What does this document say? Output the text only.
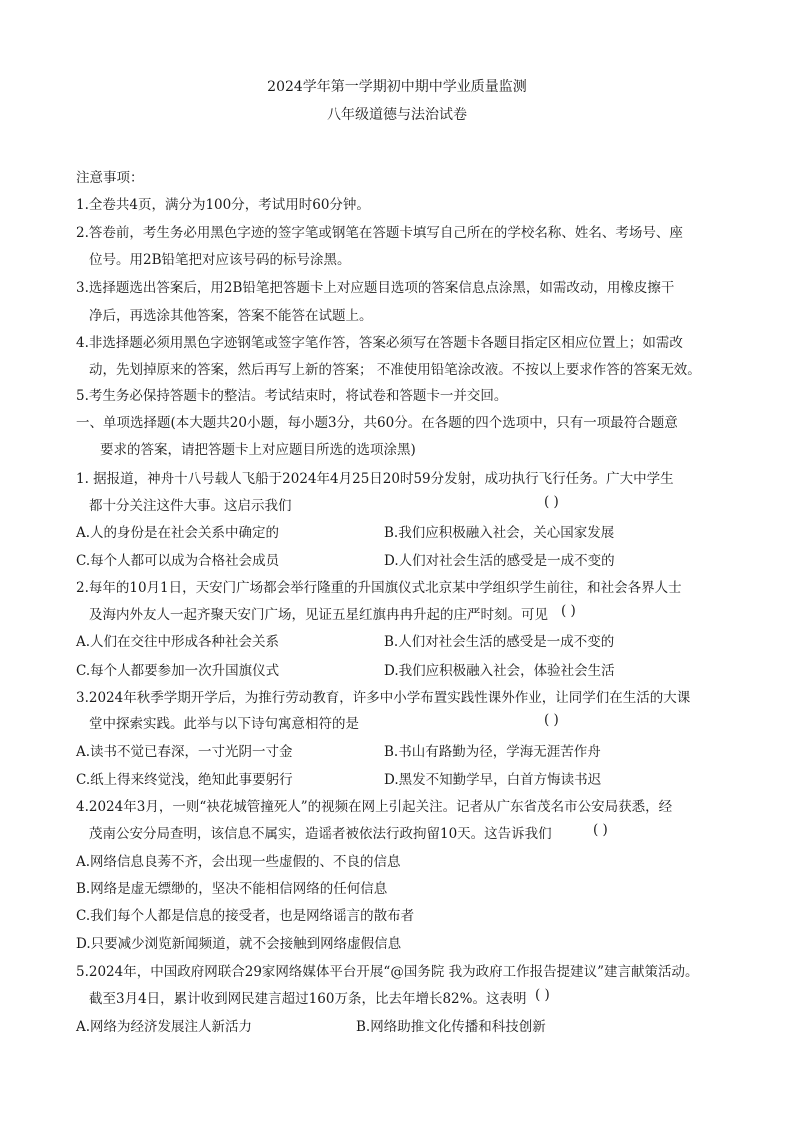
2024学年第一学期初中期中学业质量监测
八年级道德与法治试卷
注意事项：
1.全卷共4页，满分为100分，考试用时60分钟。
2.答卷前，考生务必用黑色字迹的签字笔或钢笔在答题卡填写自己所在的学校名称、姓名、考场号、座
位号。用2B铅笔把对应该号码的标号涂黑。
3.选择题选出答案后，用2B铅笔把答题卡上对应题目选项的答案信息点涂黑，如需改动，用橡皮擦干
净后，再选涂其他答案，答案不能答在试题上。
4.非选择题必须用黑色字迹钢笔或签字笔作答，答案必须写在答题卡各题目指定区相应位置上；如需改
动，先划掉原来的答案，然后再写上新的答案； 不准使用铅笔涂改液。不按以上要求作答的答案无效。
5.考生务必保持答题卡的整洁。考试结束时，将试卷和答题卡一并交回。
一、单项选择题(本大题共20小题，每小题3分，共60分。在各题的四个选项中，只有一项最符合题意
要求的答案，请把答题卡上对应题目所选的选项涂黑)
1. 据报道，神舟十八号载人飞船于2024年4月25日20时59分发射，成功执行飞行任务。广大中学生
都十分关注这件大事。这启示我们	( )
A.人的身份是在社会关系中确定的	B.我们应积极融入社会，关心国家发展
C.每个人都可以成为合格社会成员	D.人们对社会生活的感受是一成不变的
2.每年的10月1日，天安门广场都会举行隆重的升国旗仪式北京某中学组织学生前往，和社会各界人士
及海内外友人一起齐聚天安门广场，见证五星红旗冉冉升起的庄严时刻。可见 ( )
A.人们在交往中形成各种社会关系	B.人们对社会生活的感受是一成不变的
C.每个人都要参加一次升国旗仪式	D.我们应积极融入社会，体验社会生活
3.2024年秋季学期开学后，为推行劳动教育，许多中小学布置实践性课外作业，让同学们在生活的大课
堂中探索实践。此举与以下诗句寓意相符的是	( )
A.读书不觉已春深，一寸光阴一寸金	B.书山有路勤为径，学海无涯苦作舟
C.纸上得来终觉浅，绝知此事要躬行	D.黑发不知勤学早，白首方悔读书迟
4.2024年3月，一则“袂花城管撞死人”的视频在网上引起关注。记者从广东省茂名市公安局获悉，经
茂南公安分局查明，该信息不属实，造谣者被依法行政拘留10天。这告诉我们	( )
A.网络信息良莠不齐，会出现一些虚假的、不良的信息
B.网络是虚无缥缈的，坚决不能相信网络的任何信息
C.我们每个人都是信息的接受者，也是网络谣言的散布者
D.只要减少浏览新闻频道，就不会接触到网络虚假信息
5.2024年，中国政府网联合29家网络媒体平台开展“@国务院 我为政府工作报告提建议”建言献策活动。
截至3月4日，累计收到网民建言超过160万条，比去年增长82%。这表明 ( )
A.网络为经济发展注人新活力	B.网络助推文化传播和科技创新
